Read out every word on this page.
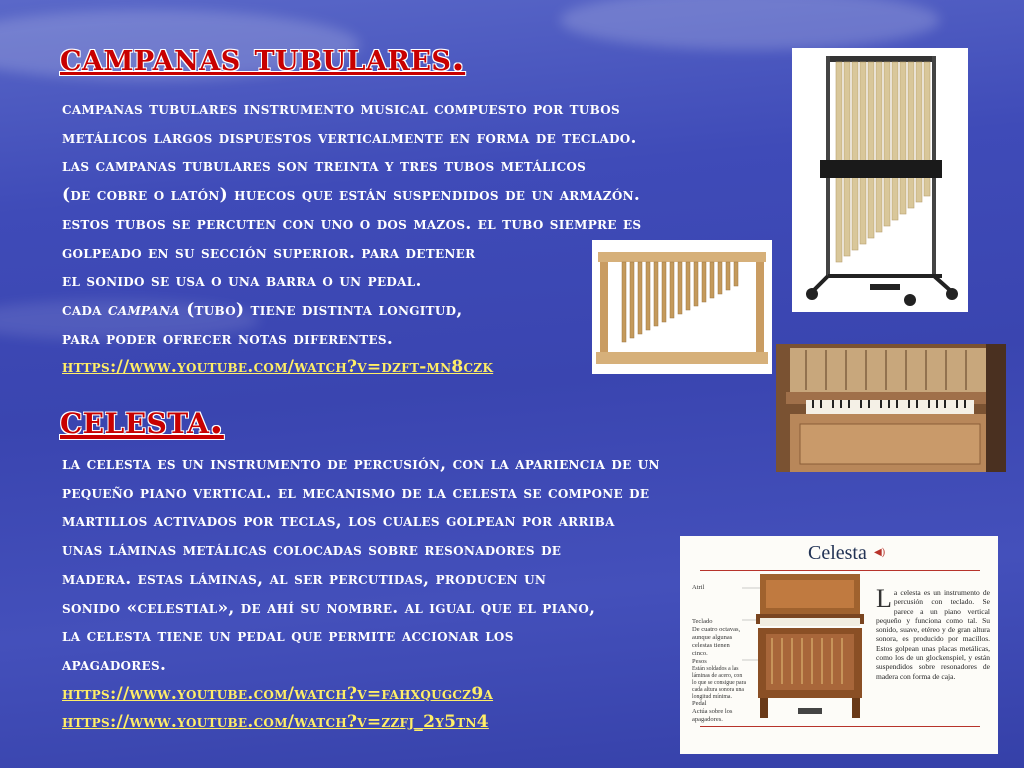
campanas tubulares.

campanas tubulares instrumento musical compuesto por tubos
metálicos largos dispuestos verticalmente en forma de teclado.
las campanas tubulares son treinta y tres tubos metálicos
(de cobre o latón) huecos que están suspendidos de un armazón.
estos tubos se percuten con uno o dos mazos. el tubo siempre es
golpeado en su sección superior. para detener
el sonido se usa o una barra o un pedal.
cada campana (tubo) tiene distinta longitud,
para poder ofrecer notas diferentes.
https://www.youtube.com/watch?v=dzft-mn8czk

celesta.

la celesta es un instrumento de percusión, con la apariencia de un
pequeño piano vertical. el mecanismo de la celesta se compone de
martillos activados por teclas, los cuales golpean por arriba
unas láminas metálicas colocadas sobre resonadores de
madera. estas láminas, al ser percutidas, producen un
sonido «celestial», de ahí su nombre. al igual que el piano,
la celesta tiene un pedal que permite accionar los
apagadores.
https://www.youtube.com/watch?v=fahxqugcz9a
https://www.youtube.com/watch?v=zzfj_2y5tn4

Celesta ◀)
Atril
Teclado
De cuatro octavas, aunque algunas celestas tienen cinco.
Pesos
Están soldados a las láminas de acero, con lo que se consigue para cada altura sonora una longitud mínima.
Pedal
Actúa sobre los apagadores.
La celesta es un instrumento de percusión con teclado. Se parece a un piano vertical pequeño y funciona como tal. Su sonido, suave, etéreo y de gran altura sonora, es producido por macillos. Estos golpean unas placas metálicas, como los de un glockenspiel, y están suspendidos sobre resonadores de madera con forma de caja.
